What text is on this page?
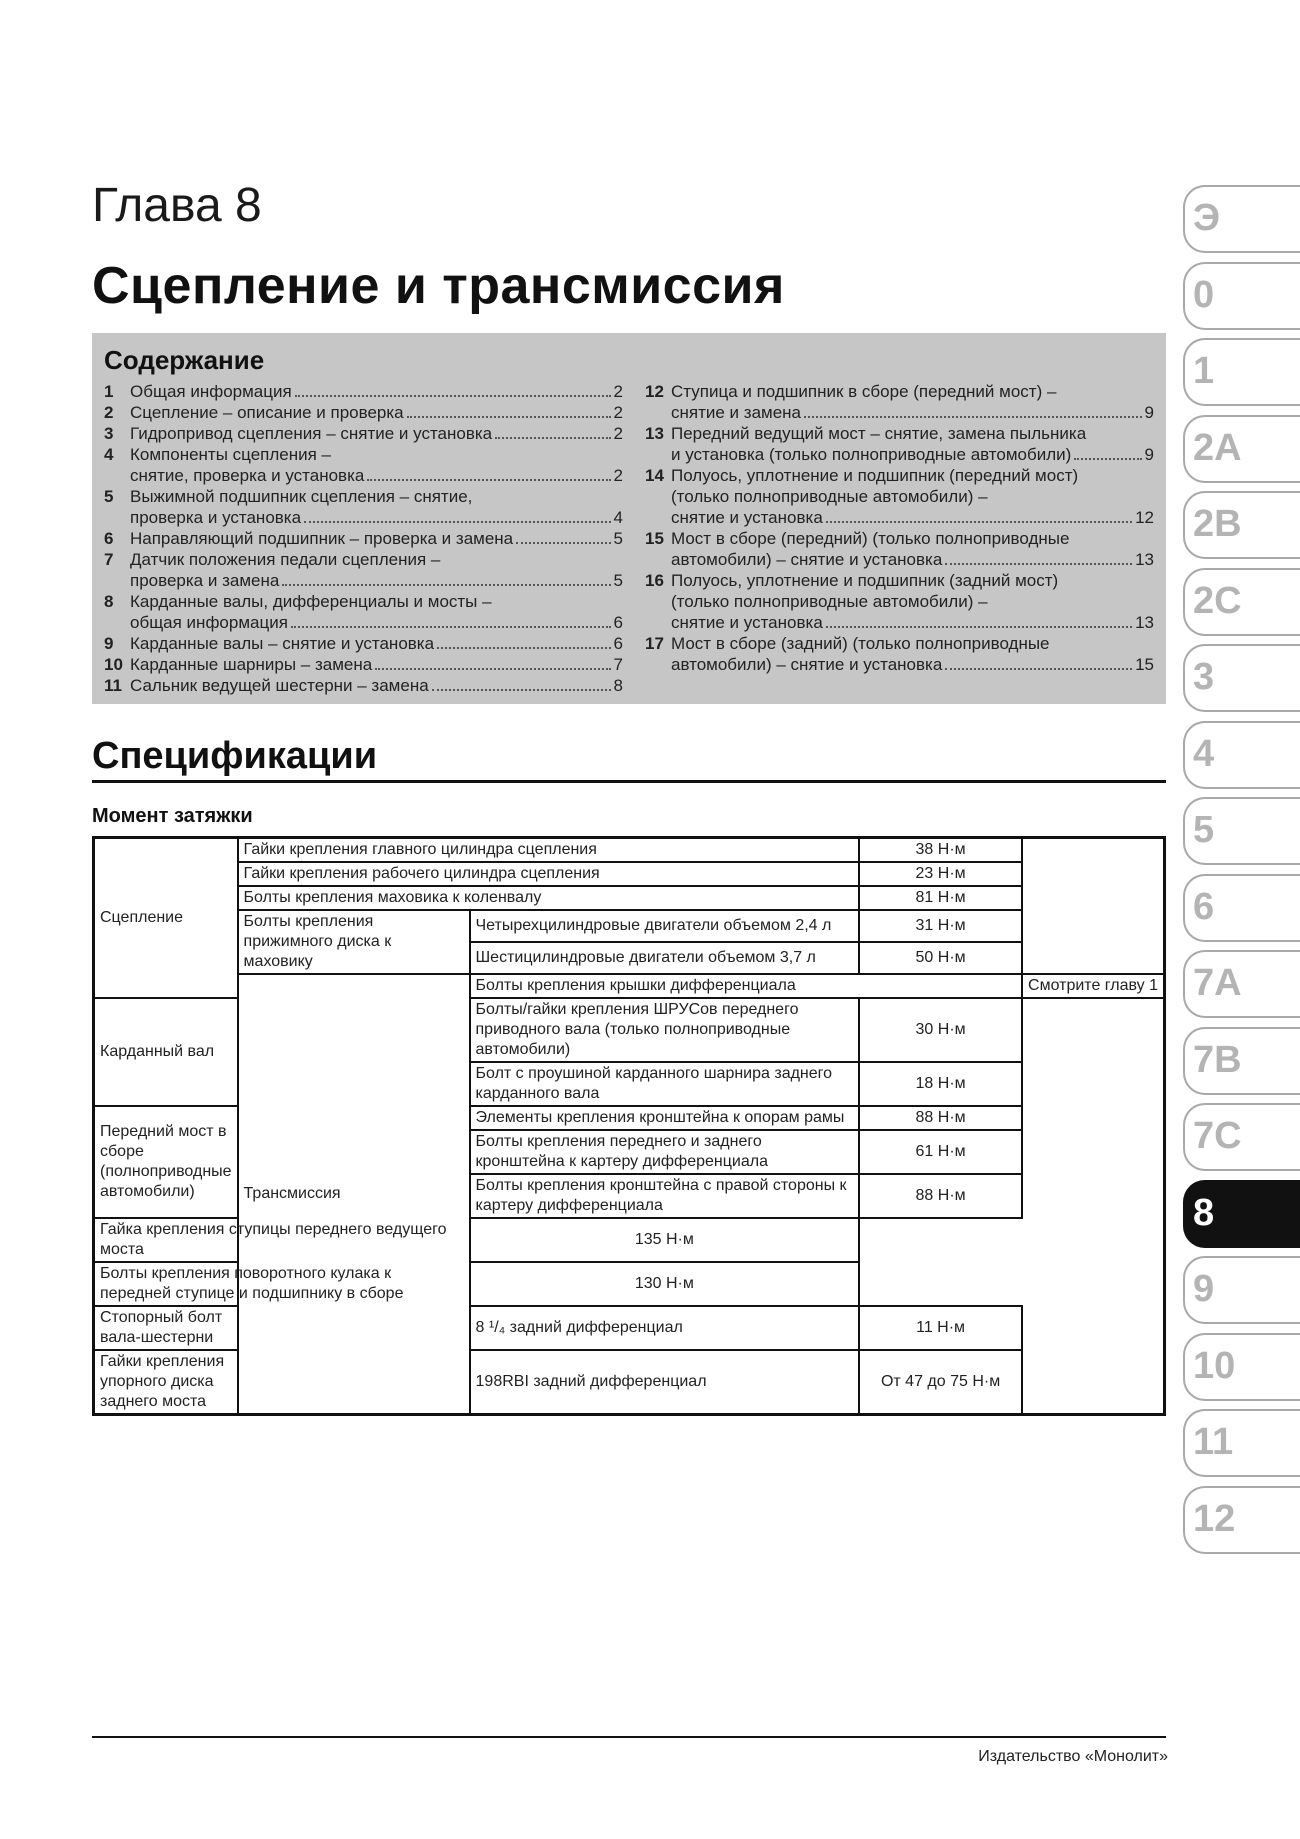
Глава 8
Сцепление и трансмиссия
Содержание
1 Общая информация	2
2 Сцепление – описание и проверка	2
3 Гидропривод сцепления – снятие и установка	2
4 Компоненты сцепления –
снятие, проверка и установка	2
5 Выжимной подшипник сцепления – снятие,
проверка и установка	4
6 Направляющий подшипник – проверка и замена	5
7 Датчик положения педали сцепления –
проверка и замена	5
8 Карданные валы, дифференциалы и мосты –
общая информация	6
9 Карданные валы – снятие и установка	6
10 Карданные шарниры – замена	7
11 Сальник ведущей шестерни – замена	8
12 Ступица и подшипник в сборе (передний мост) –
снятие и замена	9
13 Передний ведущий мост – снятие, замена пыльника
и установка (только полноприводные автомобили)	9
14 Полуось, уплотнение и подшипник (передний мост)
(только полноприводные автомобили) –
снятие и установка	12
15 Мост в сборе (передний) (только полноприводные
автомобили) – снятие и установка	13
16 Полуось, уплотнение и подшипник (задний мост)
(только полноприводные автомобили) –
снятие и установка	13
17 Мост в сборе (задний) (только полноприводные
автомобили) – снятие и установка	15
Спецификации
Момент затяжки
Сцепление	Гайки крепления главного цилиндра сцепления		38 Н·м	
	Гайки крепления рабочего цилиндра сцепления		23 Н·м	
	Болты крепления маховика к коленвалу		81 Н·м	
	Болты крепления прижимного диска к маховику	Четырехцилиндровые двигатели объемом 2,4 л	31 Н·м	
		Шестицилиндровые двигатели объемом 3,7 л	50 Н·м	
	Трансмиссия	Болты крепления крышки дифференциала		Смотрите главу 1
Карданный вал		Болты/гайки крепления ШРУСов переднего приводного вала (только полноприводные автомобили)	30 Н·м	
		Болт с проушиной карданного шарнира заднего карданного вала	18 Н·м	
Передний мост в сборе (полноприводные автомобили)		Элементы крепления кронштейна к опорам рамы	88 Н·м	
		Болты крепления переднего и заднего кронштейна к картеру дифференциала	61 Н·м	
		Болты крепления кронштейна с правой стороны к картеру дифференциала	88 Н·м	
Гайка крепления ступицы переднего ведущего моста		135 Н·м		
Болты крепления поворотного кулака к передней ступице и подшипнику в сборе		130 Н·м		
Стопорный болт вала-шестерни		8 ¹/₄ задний дифференциал	11 Н·м	
Гайки крепления упорного диска заднего моста		198RBI задний дифференциал	От 47 до 75 Н·м	
Э
0
1
2A
2B
2C
3
4
5
6
7A
7B
7C
8
9
10
11
12
Издательство «Монолит»
